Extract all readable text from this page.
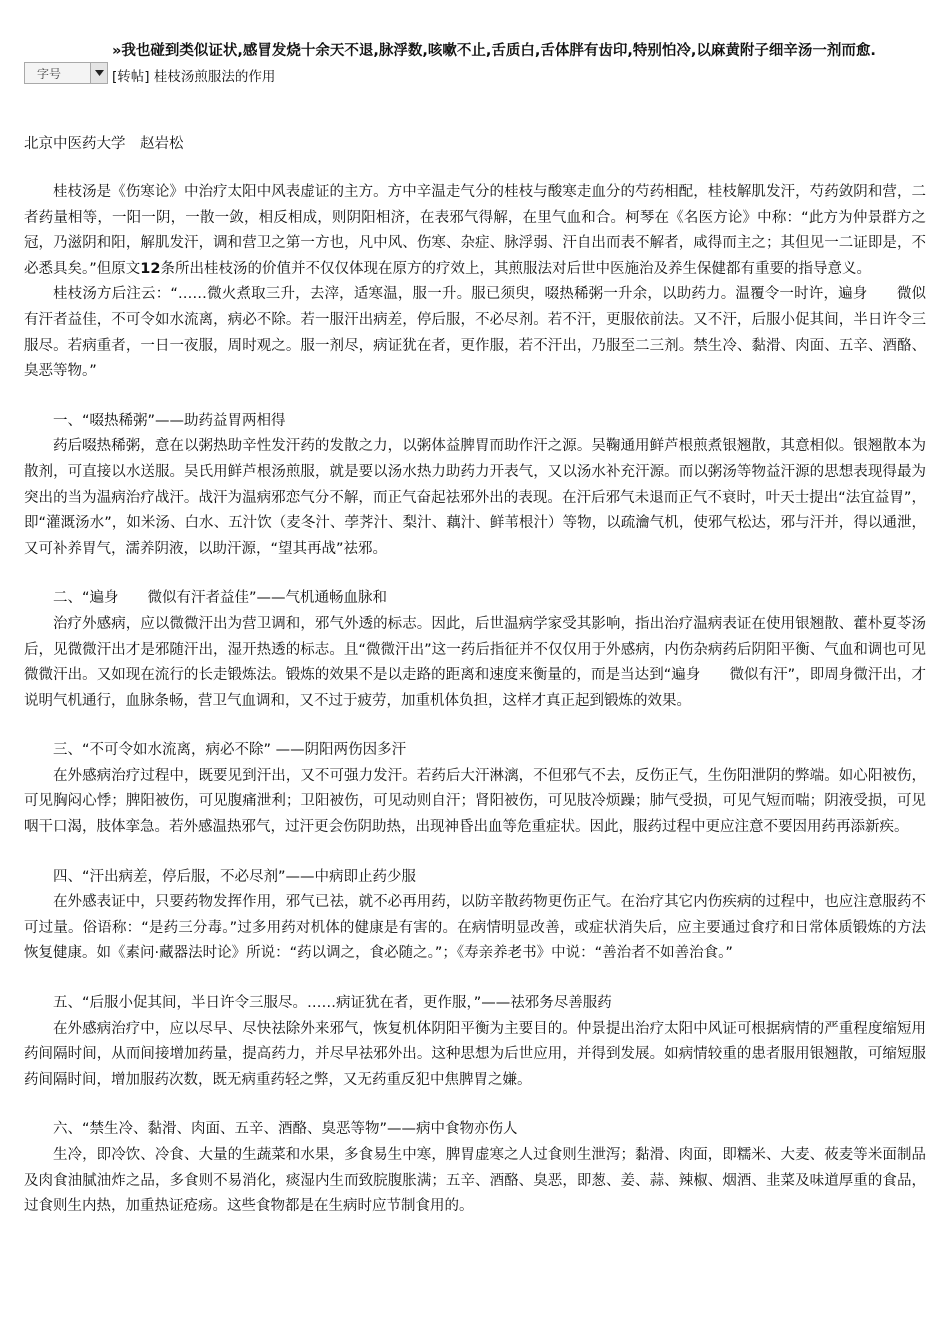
»我也碰到类似证状,感冒发烧十余天不退,脉浮数,咳嗽不止,舌质白,舌体胖有齿印,特别怕冷,以麻黄附子细辛汤一剂而愈.

[转帖] 桂枝汤煎服法的作用
字号

北京中医药大学　赵岩松

桂枝汤是《伤寒论》中治疗太阳中风表虚证的主方。方中辛温走气分的桂枝与酸寒走血分的芍药相配，桂枝解肌发汗，芍药敛阴和营，二者药量相等，一阳一阴，一散一敛，相反相成，则阴阳相济，在表邪气得解，在里气血和合。柯琴在《名医方论》中称：“此方为仲景群方之冠，乃滋阴和阳，解肌发汗，调和营卫之第一方也，凡中风、伤寒、杂症、脉浮弱、汗自出而表不解者，咸得而主之；其但见一二证即是，不必悉具矣。”但原文12条所出桂枝汤的价值并不仅仅体现在原方的疗效上，其煎服法对后世中医施治及养生保健都有重要的指导意义。

桂枝汤方后注云：“……微火煮取三升，去滓，适寒温，服一升。服已须臾，啜热稀粥一升余，以助药力。温覆令一时许，遍身　　微似有汗者益佳，不可令如水流离，病必不除。若一服汗出病差，停后服，不必尽剂。若不汗，更服依前法。又不汗，后服小促其间，半日许令三服尽。若病重者，一日一夜服，周时观之。服一剂尽，病证犹在者，更作服，若不汗出，乃服至二三剂。禁生冷、黏滑、肉面、五辛、酒酪、臭恶等物。”

一、“啜热稀粥”——助药益胃两相得

药后啜热稀粥，意在以粥热助辛性发汗药的发散之力，以粥体益脾胃而助作汗之源。吴鞠通用鲜芦根煎煮银翘散，其意相似。银翘散本为散剂，可直接以水送服。吴氏用鲜芦根汤煎服，就是要以汤水热力助药力开表气，又以汤水补充汗源。而以粥汤等物益汗源的思想表现得最为突出的当为温病治疗战汗。战汗为温病邪恋气分不解，而正气奋起祛邪外出的表现。在汗后邪气未退而正气不衰时，叶天士提出“法宜益胃”，即“灌溉汤水”，如米汤、白水、五汁饮（麦冬汁、荸荠汁、梨汁、藕汁、鲜苇根汁）等物，以疏瀹气机，使邪气松达，邪与汗并，得以通泄，又可补养胃气，濡养阴液，以助汗源，“望其再战”祛邪。

二、“遍身　　微似有汗者益佳”——气机通畅血脉和

治疗外感病，应以微微汗出为营卫调和，邪气外透的标志。因此，后世温病学家受其影响，指出治疗温病表证在使用银翘散、藿朴夏苓汤后，见微微汗出才是邪随汗出，湿开热透的标志。且“微微汗出”这一药后指征并不仅仅用于外感病，内伤杂病药后阴阳平衡、气血和调也可见微微汗出。又如现在流行的长走锻炼法。锻炼的效果不是以走路的距离和速度来衡量的，而是当达到“遍身　　微似有汗”，即周身微汗出，才说明气机通行，血脉条畅，营卫气血调和，又不过于疲劳，加重机体负担，这样才真正起到锻炼的效果。

三、“不可令如水流离，病必不除” ——阴阳两伤因多汗

在外感病治疗过程中，既要见到汗出，又不可强力发汗。若药后大汗淋漓，不但邪气不去，反伤正气，生伤阳泄阴的弊端。如心阳被伤，可见胸闷心悸；脾阳被伤，可见腹痛泄利；卫阳被伤，可见动则自汗；肾阳被伤，可见肢冷烦躁；肺气受损，可见气短而喘；阴液受损，可见咽干口渴，肢体挛急。若外感温热邪气，过汗更会伤阴助热，出现神昏出血等危重症状。因此，服药过程中更应注意不要因用药再添新疾。

四、“汗出病差，停后服，不必尽剂”——中病即止药少服

在外感表证中，只要药物发挥作用，邪气已祛，就不必再用药，以防辛散药物更伤正气。在治疗其它内伤疾病的过程中，也应注意服药不可过量。俗语称：“是药三分毒。”过多用药对机体的健康是有害的。在病情明显改善，或症状消失后，应主要通过食疗和日常体质锻炼的方法恢复健康。如《素问·藏器法时论》所说：“药以调之，食必随之。”；《寿亲养老书》中说：“善治者不如善治食。”

五、“后服小促其间，半日许令三服尽。……病证犹在者，更作服，”——祛邪务尽善服药

在外感病治疗中，应以尽早、尽快祛除外来邪气，恢复机体阴阳平衡为主要目的。仲景提出治疗太阳中风证可根据病情的严重程度缩短用药间隔时间，从而间接增加药量，提高药力，并尽早祛邪外出。这种思想为后世应用，并得到发展。如病情较重的患者服用银翘散，可缩短服药间隔时间，增加服药次数，既无病重药轻之弊，又无药重反犯中焦脾胃之嫌。

六、“禁生冷、黏滑、肉面、五辛、酒酪、臭恶等物”——病中食物亦伤人

生冷，即冷饮、冷食、大量的生蔬菜和水果，多食易生中寒，脾胃虚寒之人过食则生泄泻；黏滑、肉面，即糯米、大麦、莜麦等米面制品及肉食油腻油炸之品，多食则不易消化，痰湿内生而致脘腹胀满；五辛、酒酪、臭恶，即葱、姜、蒜、辣椒、烟酒、韭菜及味道厚重的食品，过食则生内热，加重热证疮疡。这些食物都是在生病时应节制食用的。
